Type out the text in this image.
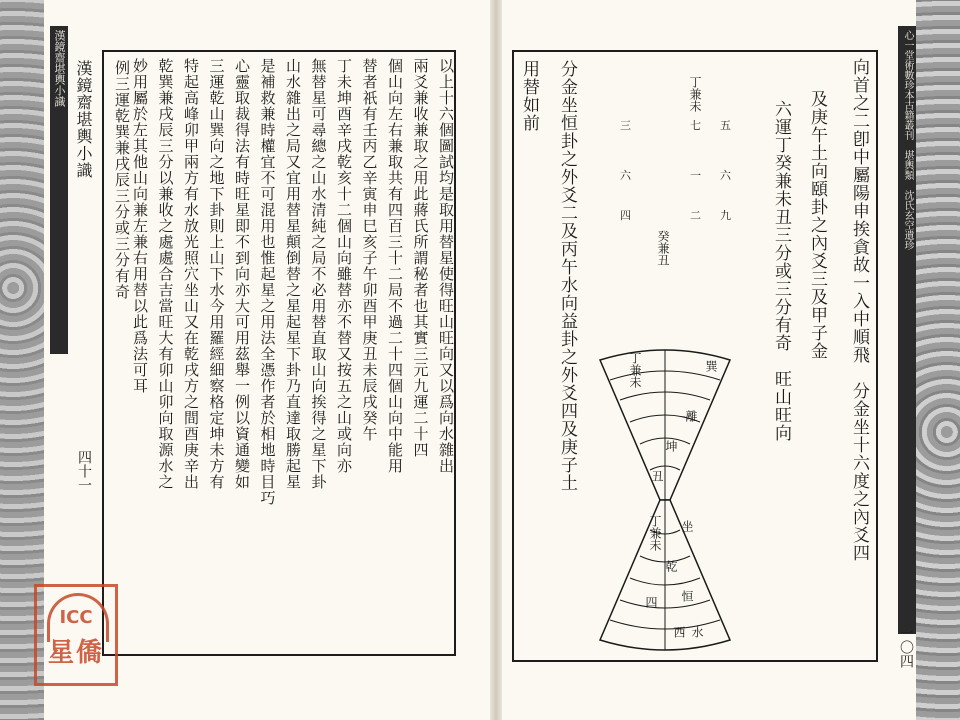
漢鏡齋堪輿小識	心一堂術數珍本古籍叢刊　堪輿類　沈氏玄空遺珍
以上十六個圖試均是取用替星使得旺山旺向又以爲向水雜出
兩爻兼收兼取之用此蔣氏所謂秘者也其實三元九運二十四
個山向左右兼取共有四百三十二局不過二十四個山向中能用
替者祇有壬丙乙辛寅申巳亥子午卯酉甲庚丑未辰戌癸午
丁未坤酉辛戌乾亥十二個山向雖替亦不替又按五之山或向亦
無替星可尋總之山水清純之局不必用替直取山向挨得之星下卦
山水雜出之局又宜用替星顛倒替之星起星下卦乃直達取勝起星
是補救兼時權宜不可混用也惟起星之用法全憑作者於相地時目巧
心靈取裁得法有時旺星即不到向亦大可用茲舉一例以資通變如
三運乾山巽向之地下卦則上山下水今用羅經細察格定坤未方有
特起高峰卯甲兩方有水放光照穴坐山又在乾戌方之間酉庚辛出
乾巽兼戌辰三分以兼收之處處合吉當旺大有卯山卯向取源水之
妙用屬於左其他山向兼左兼右用替以此爲法可耳
四十一
漢鏡齋堪輿小識 例三運乾巽兼戌辰三分或三分有奇	向首之二卽中屬陽申挨貪故一入中順飛　分金坐十六度之內爻四
及庚午土向頤卦之內爻三及甲子金
六運丁癸兼未丑三分或三分有奇　旺山旺向
分金坐恒卦之外爻二及丙午水向益卦之外爻四及庚子土
用替如前	丁兼未
癸兼丑
五
七
三
六
一
六
九
二
四
丁兼未	巽
離
坤
丑
丁兼未	坐
乾
恒
四
西 水	一〇四
ICC
星僑
